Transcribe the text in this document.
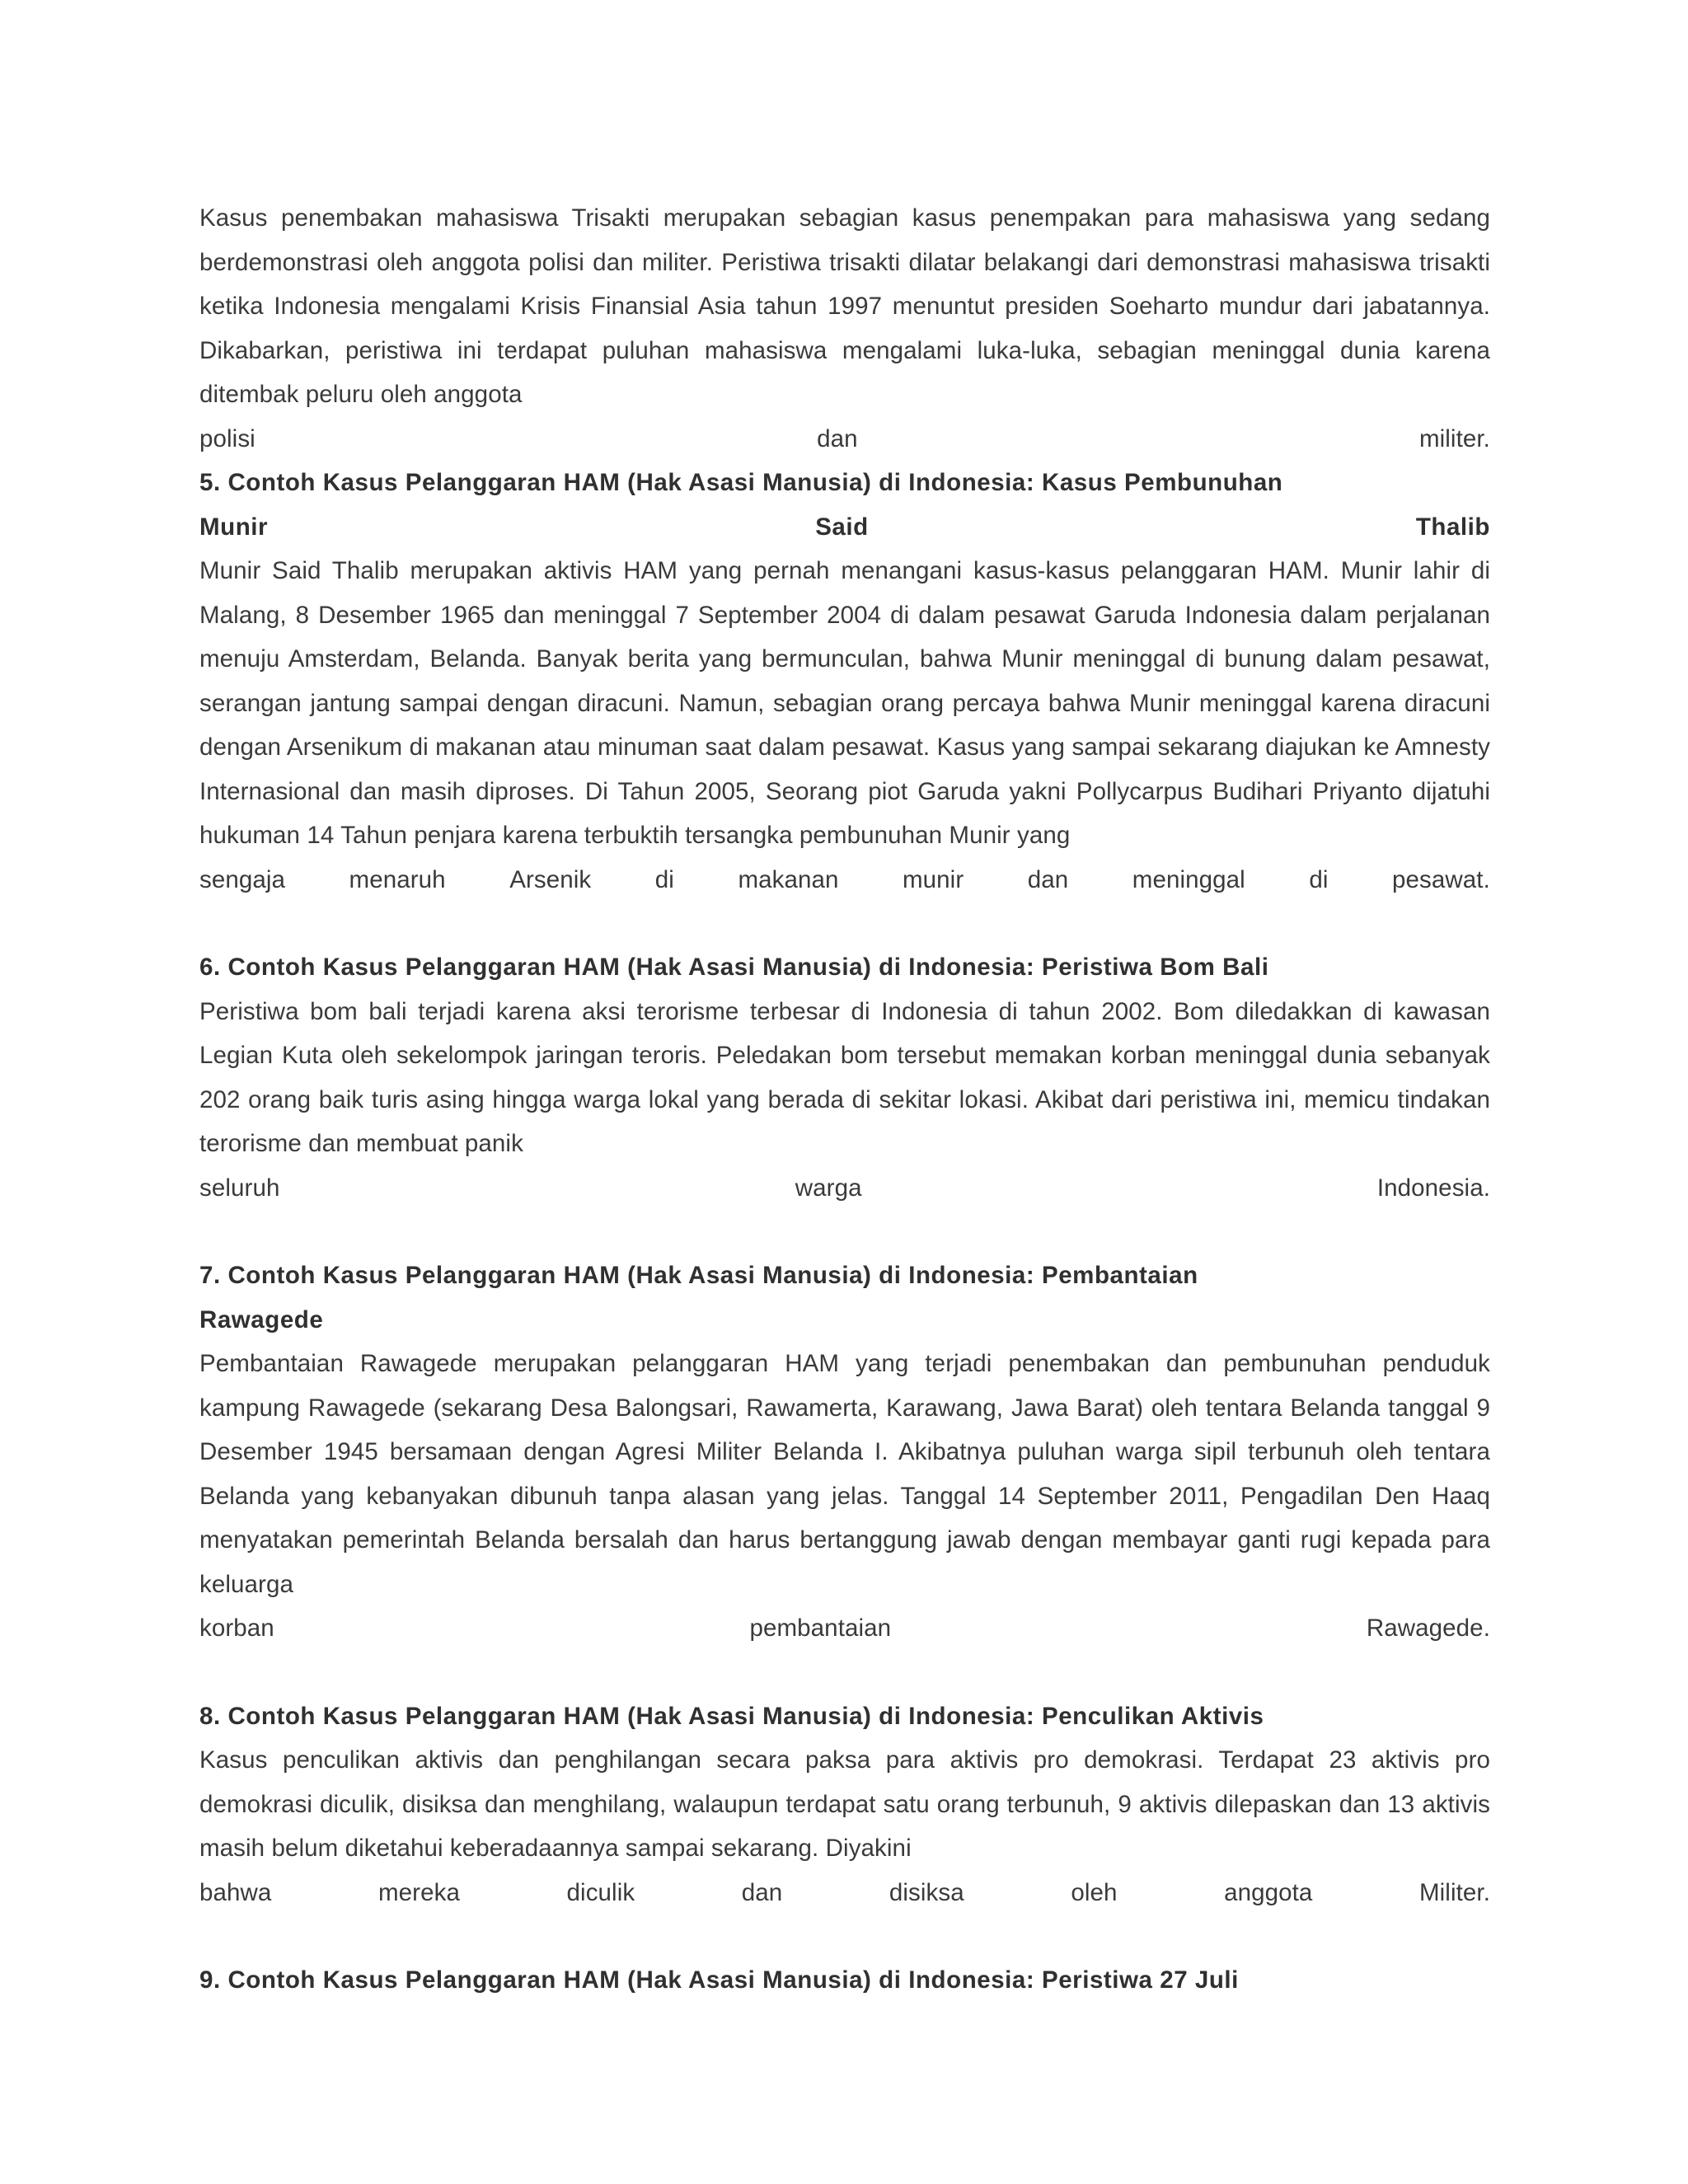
Kasus penembakan mahasiswa Trisakti merupakan sebagian kasus penempakan para mahasiswa yang sedang berdemonstrasi oleh anggota polisi dan militer. Peristiwa trisakti dilatar belakangi dari demonstrasi mahasiswa trisakti ketika Indonesia mengalami Krisis Finansial Asia tahun 1997 menuntut presiden Soeharto mundur dari jabatannya. Dikabarkan, peristiwa ini terdapat puluhan mahasiswa mengalami luka-luka, sebagian meninggal dunia karena ditembak peluru oleh anggota
polisi	dan	militer.

5. Contoh Kasus Pelanggaran HAM (Hak Asasi Manusia) di Indonesia: Kasus Pembunuhan
Munir	Said	Thalib

Munir Said Thalib merupakan aktivis HAM yang pernah menangani kasus-kasus pelanggaran HAM. Munir lahir di Malang, 8 Desember 1965 dan meninggal 7 September 2004 di dalam pesawat Garuda Indonesia dalam perjalanan menuju Amsterdam, Belanda. Banyak berita yang bermunculan, bahwa Munir meninggal di bunung dalam pesawat, serangan jantung sampai dengan diracuni. Namun, sebagian orang percaya bahwa Munir meninggal karena diracuni dengan Arsenikum di makanan atau minuman saat dalam pesawat. Kasus yang sampai sekarang diajukan ke Amnesty Internasional dan masih diproses. Di Tahun 2005, Seorang piot Garuda yakni Pollycarpus Budihari Priyanto dijatuhi hukuman 14 Tahun penjara karena terbuktih tersangka pembunuhan Munir yang
sengaja	menaruh	Arsenik	di	makanan	munir	dan	meninggal	di	pesawat.

6. Contoh Kasus Pelanggaran HAM (Hak Asasi Manusia) di Indonesia: Peristiwa Bom Bali

Peristiwa bom bali terjadi karena aksi terorisme terbesar di Indonesia di tahun 2002. Bom diledakkan di kawasan Legian Kuta oleh sekelompok jaringan teroris. Peledakan bom tersebut memakan korban meninggal dunia sebanyak 202 orang baik turis asing hingga warga lokal yang berada di sekitar lokasi. Akibat dari peristiwa ini, memicu tindakan terorisme dan membuat panik
seluruh	warga	Indonesia.

7. Contoh Kasus Pelanggaran HAM (Hak Asasi Manusia) di Indonesia: Pembantaian
Rawagede

Pembantaian Rawagede merupakan pelanggaran HAM yang terjadi penembakan dan pembunuhan penduduk kampung Rawagede (sekarang Desa Balongsari, Rawamerta, Karawang, Jawa Barat) oleh tentara Belanda tanggal 9 Desember 1945 bersamaan dengan Agresi Militer Belanda I. Akibatnya puluhan warga sipil terbunuh oleh tentara Belanda yang kebanyakan dibunuh tanpa alasan yang jelas. Tanggal 14 September 2011, Pengadilan Den Haaq menyatakan pemerintah Belanda bersalah dan harus bertanggung jawab dengan membayar ganti rugi kepada para keluarga
korban	pembantaian	Rawagede.

8. Contoh Kasus Pelanggaran HAM (Hak Asasi Manusia) di Indonesia: Penculikan Aktivis

Kasus penculikan aktivis dan penghilangan secara paksa para aktivis pro demokrasi. Terdapat 23 aktivis pro demokrasi diculik, disiksa dan menghilang, walaupun terdapat satu orang terbunuh, 9 aktivis dilepaskan dan 13 aktivis masih belum diketahui keberadaannya sampai sekarang. Diyakini
bahwa	mereka	diculik	dan	disiksa	oleh	anggota	Militer.

9. Contoh Kasus Pelanggaran HAM (Hak Asasi Manusia) di Indonesia: Peristiwa 27 Juli
